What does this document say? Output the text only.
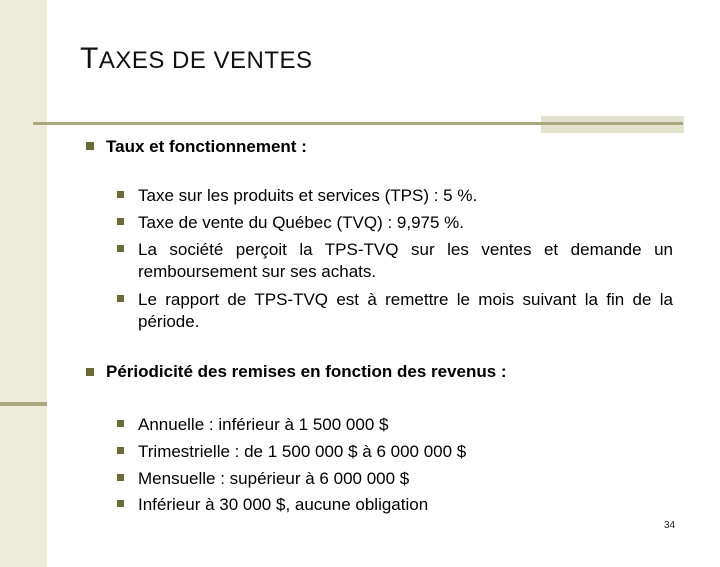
TAXES DE VENTES
Taux et fonctionnement :
Taxe sur les produits et services (TPS) : 5 %.
Taxe de vente du Québec (TVQ) : 9,975 %.
La société perçoit la TPS-TVQ sur les ventes et demande un remboursement sur ses achats.
Le rapport de TPS-TVQ est à remettre le mois suivant la fin de la période.
Périodicité des remises en fonction des revenus :
Annuelle : inférieur à 1 500 000 $
Trimestrielle : de 1 500 000 $ à 6 000 000 $
Mensuelle : supérieur à 6 000 000 $
Inférieur à 30 000 $, aucune obligation
34
